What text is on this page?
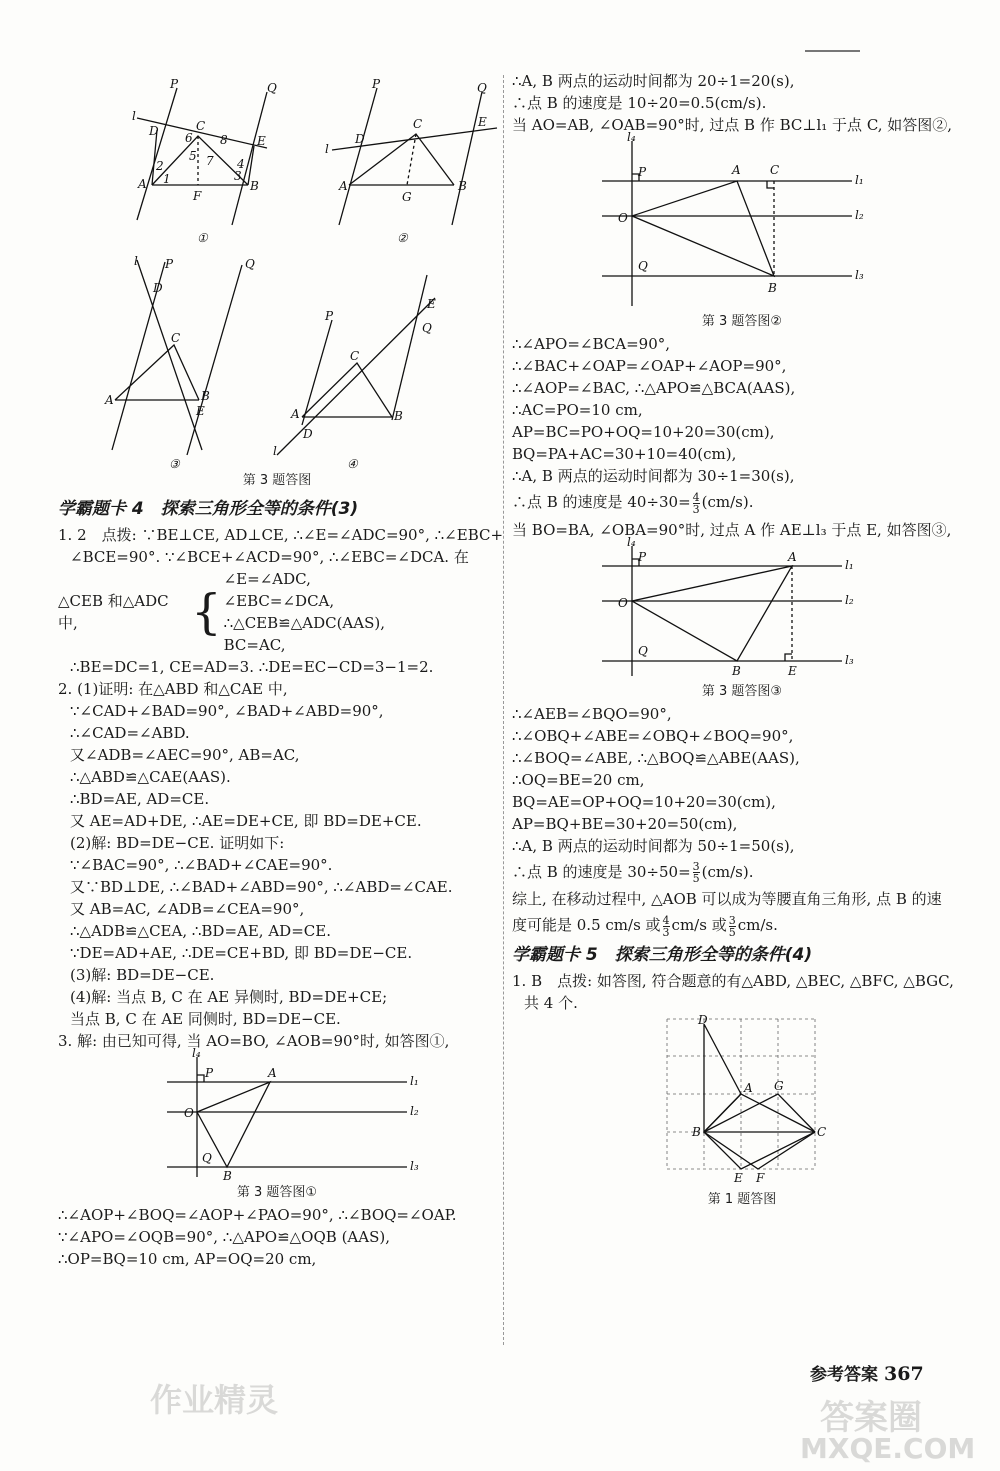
P	Q
l
D	C
E
A	B
F
6 8
5 7
2
1	3
4
①
P	Q
l
D
C	E
A	B
G
②
l P	Q
D
C
A	B
E
③
P
Q
E
C
A	B
D
l
④
第 3 题答图
学霸题卡 4　探索三角形全等的条件(3)
1. 2　点拨: ∵BE⊥CE, AD⊥CE, ∴∠E=∠ADC=90°, ∴∠EBC+
∠BCE=90°. ∵∠BCE+∠ACD=90°, ∴∠EBC=∠DCA. 在
△CEB 和△ADC 中,	{
∠E=∠ADC,
∠EBC=∠DCA, ∴△CEB≌△ADC(AAS),
BC=AC,
∴BE=DC=1, CE=AD=3. ∴DE=EC−CD=3−1=2.
2. (1)证明: 在△ABD 和△CAE 中,
∵∠CAD+∠BAD=90°, ∠BAD+∠ABD=90°,
∴∠CAD=∠ABD.
又∠ADB=∠AEC=90°, AB=AC,
∴△ABD≌△CAE(AAS).
∴BD=AE, AD=CE.
又 AE=AD+DE, ∴AE=DE+CE, 即 BD=DE+CE.
(2)解: BD=DE−CE. 证明如下:
∵∠BAC=90°, ∴∠BAD+∠CAE=90°.
又∵BD⊥DE, ∴∠BAD+∠ABD=90°, ∴∠ABD=∠CAE.
又 AB=AC, ∠ADB=∠CEA=90°,
∴△ADB≌△CEA, ∴BD=AE, AD=CE.
∵DE=AD+AE, ∴DE=CE+BD, 即 BD=DE−CE.
(3)解: BD=DE−CE.
(4)解: 当点 B, C 在 AE 异侧时, BD=DE+CE;
当点 B, C 在 AE 同侧时, BD=DE−CE.
3. 解: 由已知可得, 当 AO=BO, ∠AOB=90°时, 如答图①,
l₄
P	A
O
Q
B
l₁
l₂
l₃
第 3 题答图①
∴∠AOP+∠BOQ=∠AOP+∠PAO=90°, ∴∠BOQ=∠OAP.
∵∠APO=∠OQB=90°, ∴△APO≌△OQB (AAS),
∴OP=BQ=10 cm, AP=OQ=20 cm,
∴A, B 两点的运动时间都为 20÷1=20(s),
∴点 B 的速度是 10÷20=0.5(cm/s).
当 AO=AB, ∠OAB=90°时, 过点 B 作 BC⊥l₁ 于点 C, 如答图②,
l₄
P	A C
O
Q
B
l₁
l₂
l₃
第 3 题答图②
∴∠APO=∠BCA=90°,
∴∠BAC+∠OAP=∠OAP+∠AOP=90°,
∴∠AOP=∠BAC, ∴△APO≌△BCA(AAS),
∴AC=PO=10 cm,
AP=BC=PO+OQ=10+20=30(cm),
BQ=PA+AC=30+10=40(cm),
∴A, B 两点的运动时间都为 30÷1=30(s),
∴点 B 的速度是 $40\div 30= \frac{4}{3} (cm/s)$.
当 BO=BA, ∠OBA=90°时, 过点 A 作 AE⊥l₃ 于点 E, 如答图③,
l₄
P	A
O
Q
B	E
l₁
l₂
l₃
第 3 题答图③
∴∠AEB=∠BQO=90°,
∴∠OBQ+∠ABE=∠OBQ+∠BOQ=90°,
∴∠BOQ=∠ABE, ∴△BOQ≌△ABE(AAS),
∴OQ=BE=20 cm,
BQ=AE=OP+OQ=10+20=30(cm),
AP=BQ+BE=30+20=50(cm),
∴A, B 两点的运动时间都为 50÷1=50(s),
∴点 B 的速度是 $30\div 50= \frac{3}{5} (cm/s)$.
综上, 在移动过程中, △AOB 可以成为等腰直角三角形, 点 B 的速
度可能是 0.5 cm/s 或 $\frac{4}{3} cm/s$ 或 $\frac{3}{5} cm/s$.
学霸题卡 5　探索三角形全等的条件(4)
1. B　点拨: 如答图, 符合题意的有△ABD, △BEC, △BFC, △BGC,
共 4 个.
D
A G
B	C
E F
第 1 题答图
参考答案 367
作业精灵	答案圈
MXQE.COM
